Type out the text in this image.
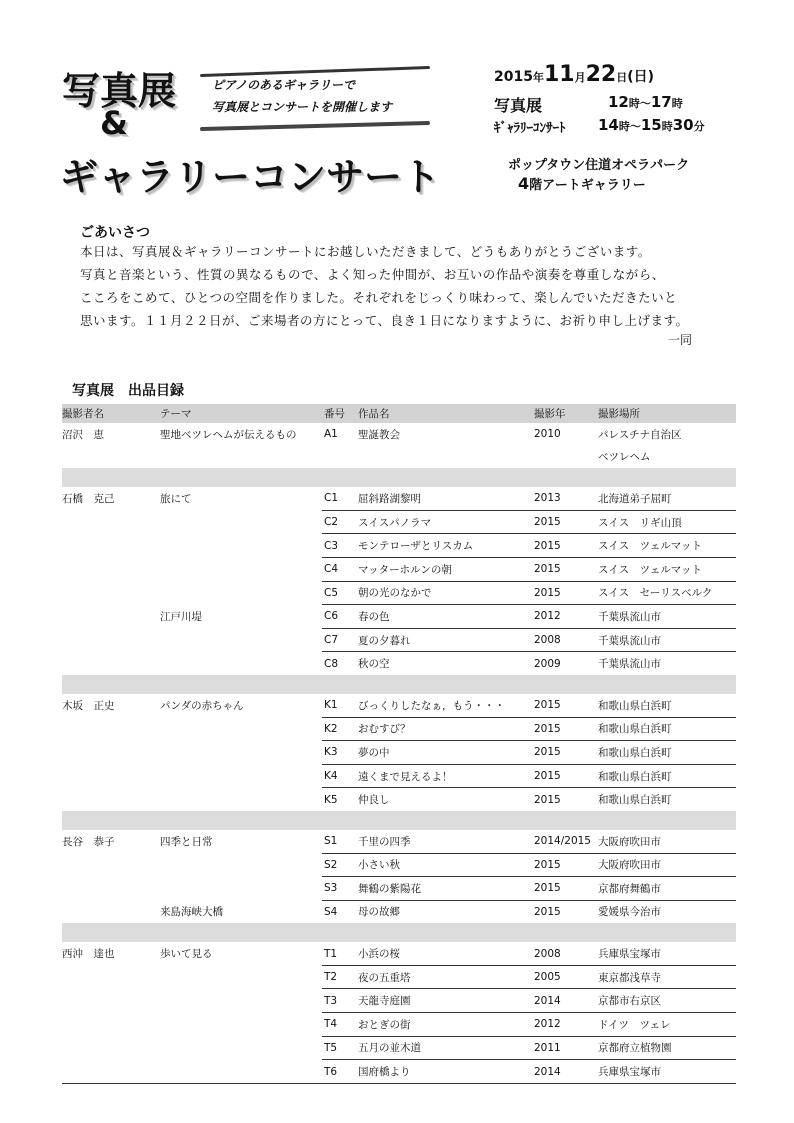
写真展
&
ギャラリーコンサート
ピアノのあるギャラリーで
写真展とコンサートを開催します
2015年11月22日(日)
写真展	12時～17時
ｷﾞｬﾗﾘｰｺﾝｻｰﾄ 14時～15時30分
ポップタウン住道オペラパーク
4階アートギャラリー
ごあいさつ
本日は、写真展＆ギャラリーコンサートにお越しいただきまして、どうもありがとうございます。
写真と音楽という、性質の異なるもので、よく知った仲間が、お互いの作品や演奏を尊重しながら、
こころをこめて、ひとつの空間を作りました。それぞれをじっくり味わって、楽しんでいただきたいと
思います。１１月２２日が、ご来場者の方にとって、良き１日になりますように、お祈り申し上げます。
一同
写真展　出品目録
撮影者名	テーマ	番号	作品名	撮影年	撮影場所
沼沢　恵	聖地ベツレヘムが伝えるもの	A1	聖誕教会	2010	パレスチナ自治区
					ベツレヘム

石橋　克己	旅にて	C1	屈斜路湖黎明	2013	北海道弟子屈町
		C2	スイスパノラマ	2015	スイス　リギ山頂
		C3	モンテローザとリスカム	2015	スイス　ツェルマット
		C4	マッターホルンの朝	2015	スイス　ツェルマット
		C5	朝の光のなかで	2015	スイス　セーリスベルク
	江戸川堤	C6	春の色	2012	千葉県流山市
		C7	夏の夕暮れ	2008	千葉県流山市
		C8	秋の空	2009	千葉県流山市

木坂　正史	パンダの赤ちゃん	K1	びっくりしたなぁ，もう・・・	2015	和歌山県白浜町
		K2	おむすび？	2015	和歌山県白浜町
		K3	夢の中	2015	和歌山県白浜町
		K4	遠くまで見えるよ！	2015	和歌山県白浜町
		K5	仲良し	2015	和歌山県白浜町

長谷　恭子	四季と日常	S1	千里の四季	2014/2015	大阪府吹田市
		S2	小さい秋	2015	大阪府吹田市
		S3	舞鶴の紫陽花	2015	京都府舞鶴市
	来島海峡大橋	S4	母の故郷	2015	愛媛県今治市

西沖　達也	歩いて見る	T1	小浜の桜	2008	兵庫県宝塚市
		T2	夜の五重塔	2005	東京都浅草寺
		T3	天龍寺庭園	2014	京都市右京区
		T4	おとぎの街	2012	ドイツ　ツェレ
		T5	五月の並木道	2011	京都府立植物園
		T6	国府橋より	2014	兵庫県宝塚市
